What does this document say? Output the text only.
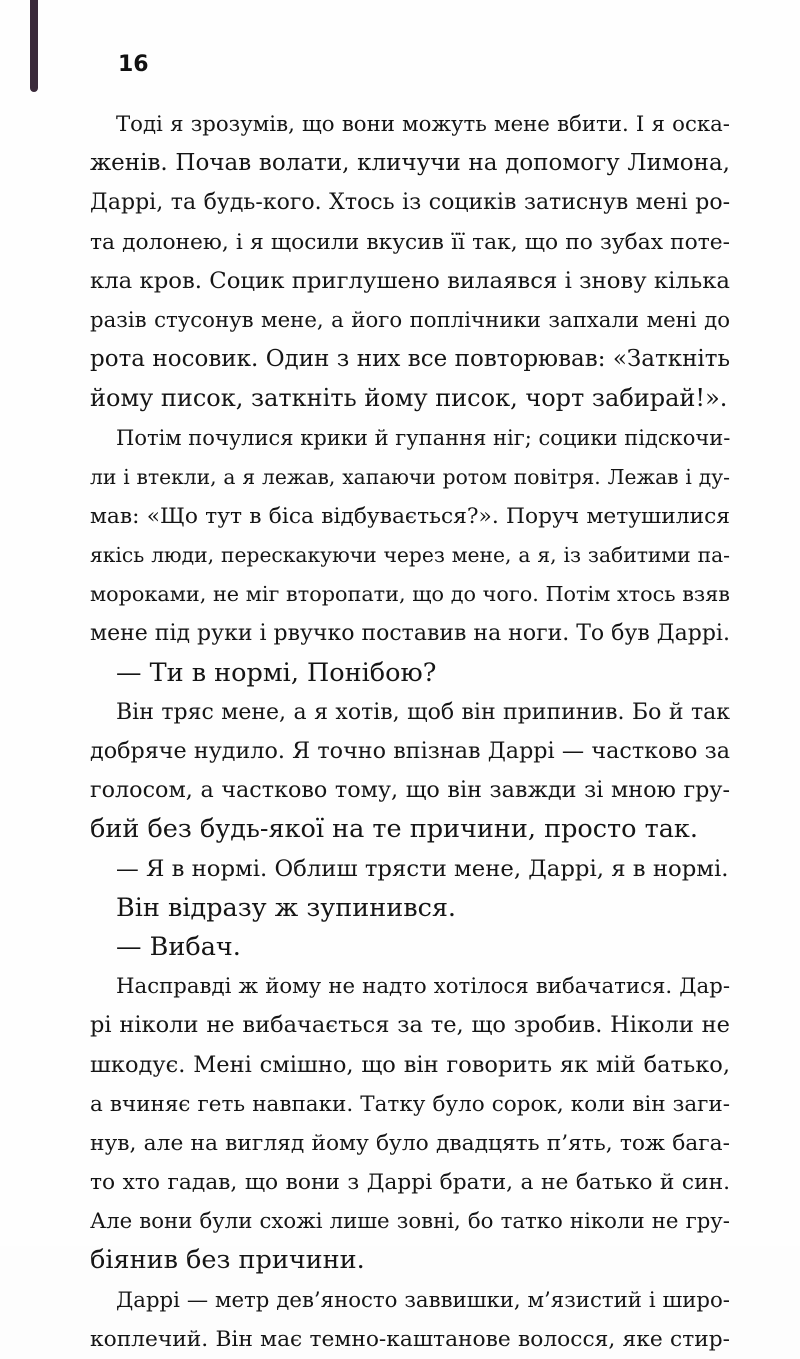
16
Тоді я зрозумів, що вони можуть мене вбити. І я оска-
женів. Почав волати, кличучи на допомогу Лимона,
Даррі, та будь-кого. Хтось із социків затиснув мені ро-
та долонею, і я щосили вкусив її так, що по зубах поте-
кла кров. Социк приглушено вилаявся і знову кілька
разів стусонув мене, а його поплічники запхали мені до
рота носовик. Один з них все повторював: «Заткніть
йому писок, заткніть йому писок, чорт забирай!».
Потім почулися крики й гупання ніг; социки підскочи-
ли і втекли, а я лежав, хапаючи ротом повітря. Лежав і ду-
мав: «Що тут в біса відбувається?». Поруч метушилися
якісь люди, перескакуючи через мене, а я, із забитими па-
мороками, не міг второпати, що до чого. Потім хтось взяв
мене під руки і рвучко поставив на ноги. То був Даррі.
— Ти в нормі, Понібою?
Він тряс мене, а я хотів, щоб він припинив. Бо й так
добряче нудило. Я точно впізнав Даррі — частково за
голосом, а частково тому, що він завжди зі мною гру-
бий без будь-якої на те причини, просто так.
— Я в нормі. Облиш трясти мене, Даррі, я в нормі.
Він відразу ж зупинився.
— Вибач.
Насправді ж йому не надто хотілося вибачатися. Дар-
рі ніколи не вибачається за те, що зробив. Ніколи не
шкодує. Мені смішно, що він говорить як мій батько,
а вчиняє геть навпаки. Татку було сорок, коли він заги-
нув, але на вигляд йому було двадцять п’ять, тож бага-
то хто гадав, що вони з Даррі брати, а не батько й син.
Але вони були схожі лише зовні, бо татко ніколи не гру-
біянив без причини.
Даррі — метр дев’яносто заввишки, м’язистий і широ-
коплечий. Він має темно-каштанове волосся, яке стир-
